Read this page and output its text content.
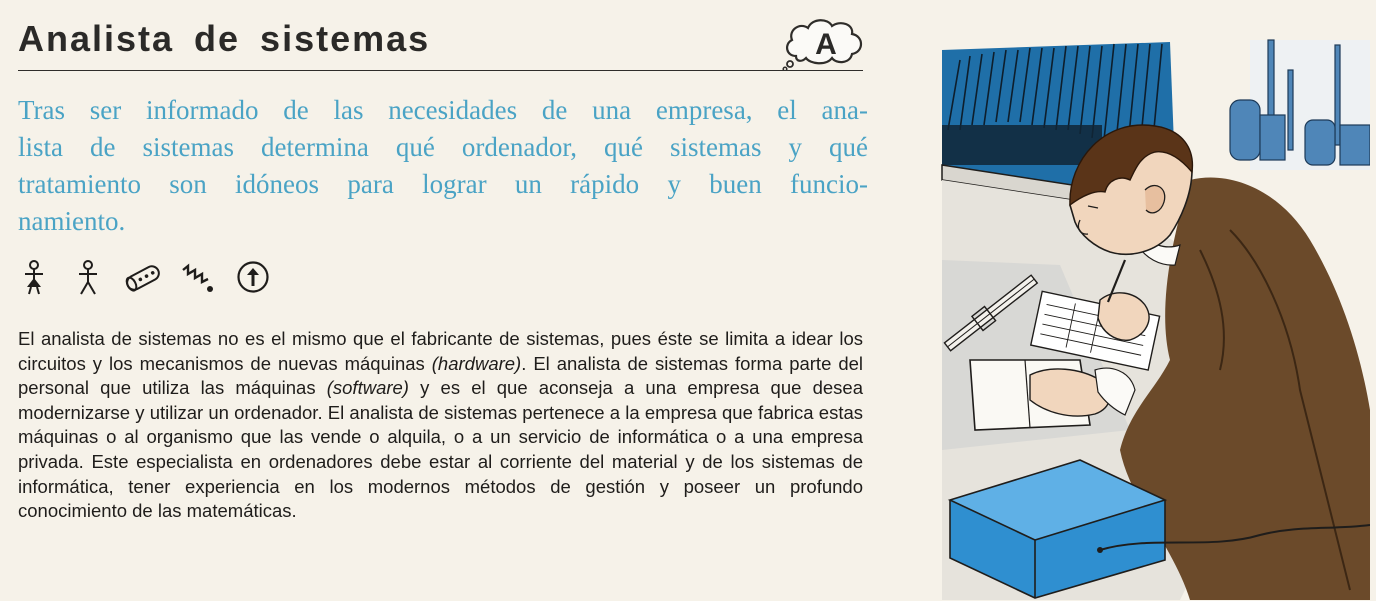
Analista de sistemas	A
Tras ser informado de las necesidades de una empresa, el ana-
lista de sistemas determina qué ordenador, qué sistemas y qué
tratamiento son idóneos para lograr un rápido y buen funcio-
namiento.
El analista de sistemas no es el mismo que el fabricante de sistemas, pues éste se limita a idear los circuitos y los mecanismos de nuevas máquinas (hardware). El analista de sistemas forma parte del personal que utiliza las máquinas (software) y es el que aconseja a una empresa que desea modernizarse y utilizar un ordenador. El analista de sistemas pertenece a la empresa que fabrica estas máquinas o al organismo que las vende o alquila, o a un servicio de informática o a una empresa privada. Este especialista en ordenadores debe estar al corriente del material y de los sistemas de informática, tener experiencia en los modernos métodos de gestión y poseer un profundo conocimiento de las matemáticas.
